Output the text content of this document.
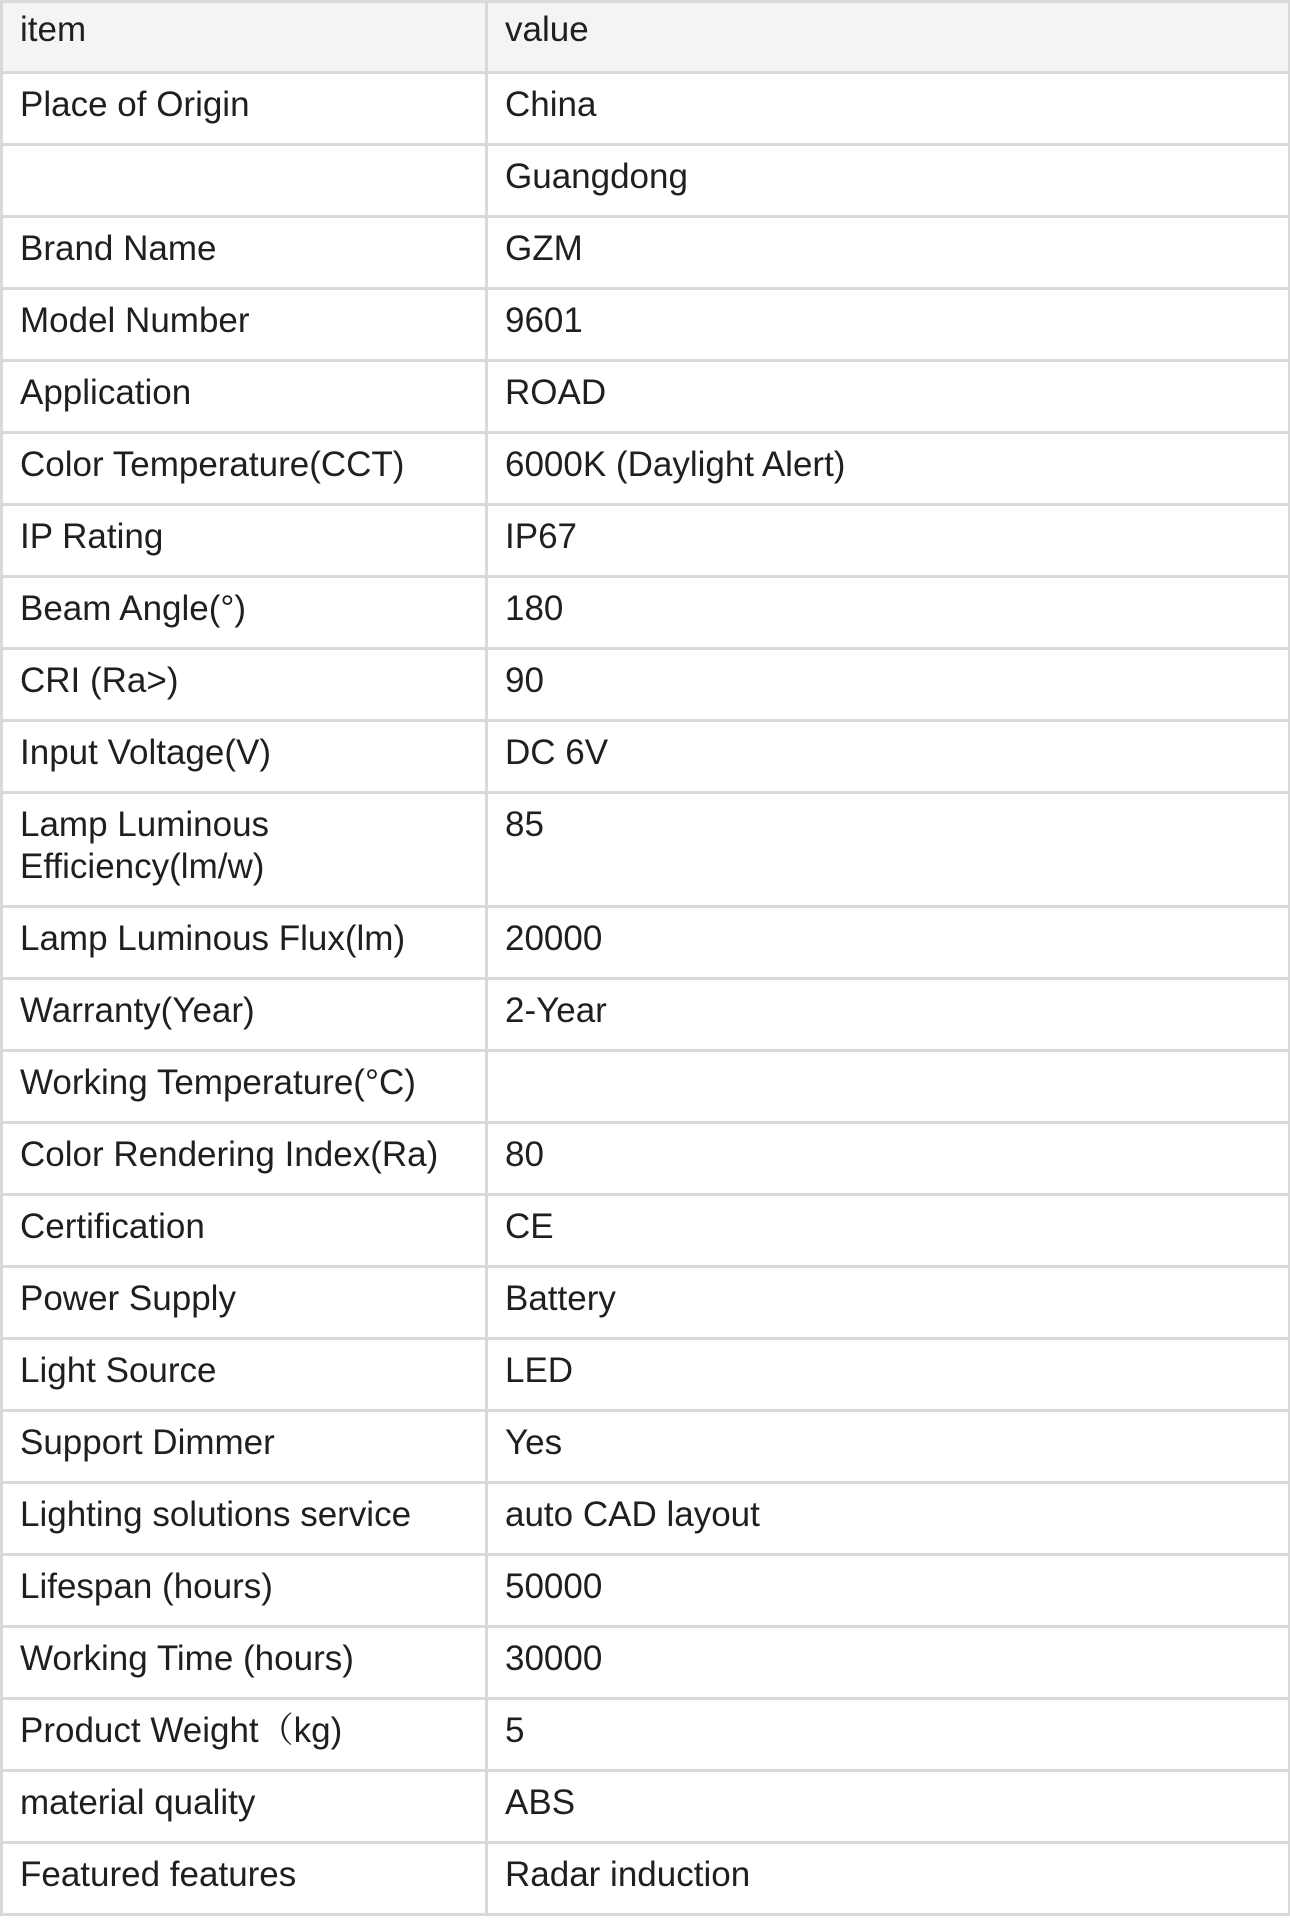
item	value
Place of Origin	China
	Guangdong
Brand Name	GZM
Model Number	9601
Application	ROAD
Color Temperature(CCT)	6000K (Daylight Alert)
IP Rating	IP67
Beam Angle(°)	180
CRI (Ra>)	90
Input Voltage(V)	DC 6V
Lamp Luminous Efficiency(lm/w)	85
Lamp Luminous Flux(lm)	20000
Warranty(Year)	2-Year
Working Temperature(°C)	
Color Rendering Index(Ra)	80
Certification	CE
Power Supply	Battery
Light Source	LED
Support Dimmer	Yes
Lighting solutions service	auto CAD layout
Lifespan (hours)	50000
Working Time (hours)	30000
Product Weight（kg)	5
material quality	ABS
Featured features	Radar induction
